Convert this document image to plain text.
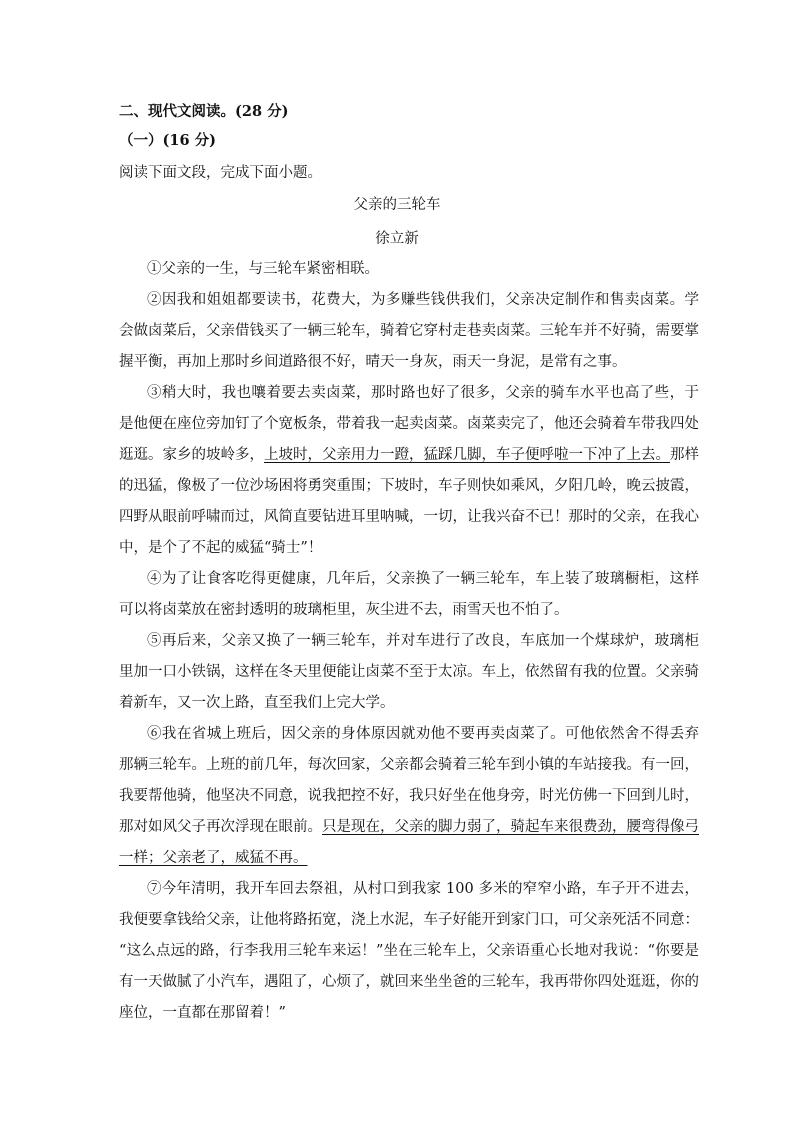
二、现代文阅读。(28 分)
（一）(16 分)
阅读下面文段，完成下面小题。
父亲的三轮车
徐立新
①父亲的一生，与三轮车紧密相联。
②因我和姐姐都要读书，花费大，为多赚些钱供我们，父亲决定制作和售卖卤菜。学
会做卤菜后，父亲借钱买了一辆三轮车，骑着它穿村走巷卖卤菜。三轮车并不好骑，需要掌
握平衡，再加上那时乡间道路很不好，晴天一身灰，雨天一身泥，是常有之事。
③稍大时，我也嚷着要去卖卤菜，那时路也好了很多，父亲的骑车水平也高了些，于
是他便在座位旁加钉了个宽板条，带着我一起卖卤菜。卤菜卖完了，他还会骑着车带我四处
逛逛。家乡的坡岭多，上坡时，父亲用力一蹬，猛踩几脚，车子便呼啦一下冲了上去。那样
的迅猛，像极了一位沙场困将勇突重围；下坡时，车子则快如乘风，夕阳几岭，晚云披霞，
四野从眼前呼啸而过，风简直要钻进耳里呐喊，一切，让我兴奋不已！那时的父亲，在我心
中，是个了不起的威猛“骑士”！
④为了让食客吃得更健康，几年后，父亲换了一辆三轮车，车上装了玻璃橱柜，这样
可以将卤菜放在密封透明的玻璃柜里，灰尘进不去，雨雪天也不怕了。
⑤再后来，父亲又换了一辆三轮车，并对车进行了改良，车底加一个煤球炉，玻璃柜
里加一口小铁锅，这样在冬天里便能让卤菜不至于太凉。车上，依然留有我的位置。父亲骑
着新车，又一次上路，直至我们上完大学。
⑥我在省城上班后，因父亲的身体原因就劝他不要再卖卤菜了。可他依然舍不得丢弃
那辆三轮车。上班的前几年，每次回家，父亲都会骑着三轮车到小镇的车站接我。有一回，
我要帮他骑，他坚决不同意，说我把控不好，我只好坐在他身旁，时光仿佛一下回到儿时，
那对如风父子再次浮现在眼前。只是现在，父亲的脚力弱了，骑起车来很费劲，腰弯得像弓
一样；父亲老了，威猛不再。
⑦今年清明，我开车回去祭祖，从村口到我家 100 多米的窄窄小路，车子开不进去，
我便要拿钱给父亲，让他将路拓宽，浇上水泥，车子好能开到家门口，可父亲死活不同意：
“这么点远的路，行李我用三轮车来运！”坐在三轮车上，父亲语重心长地对我说：“你要是
有一天做腻了小汽车，遇阻了，心烦了，就回来坐坐爸的三轮车，我再带你四处逛逛，你的
座位，一直都在那留着！”
